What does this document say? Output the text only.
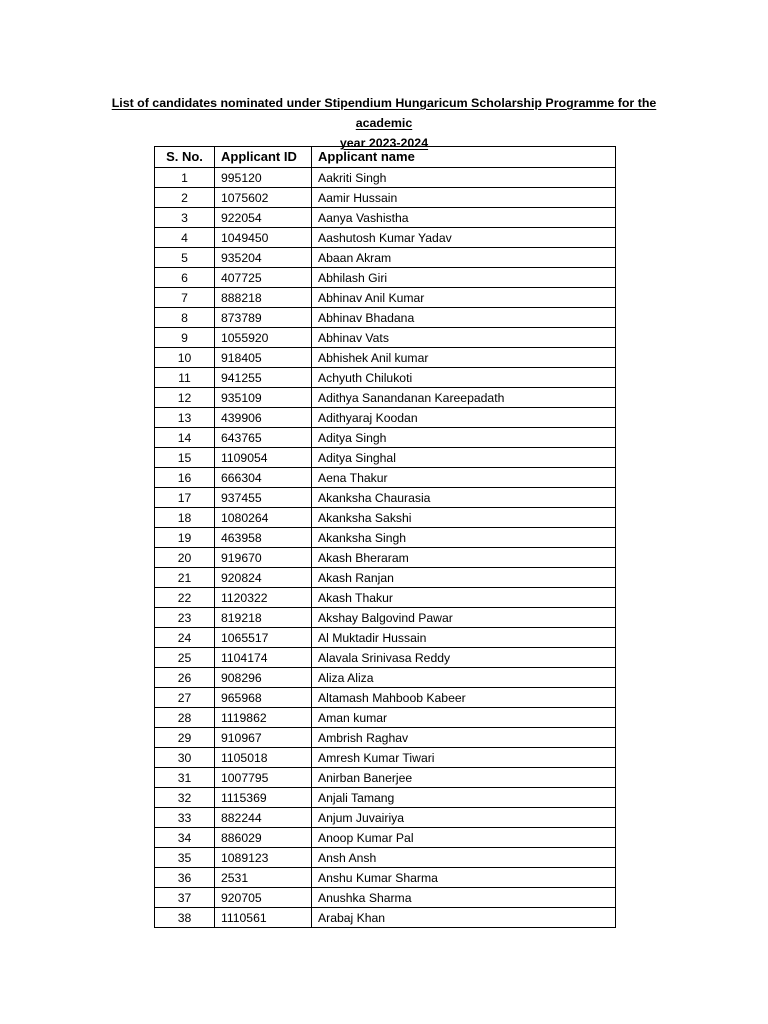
List of candidates nominated under Stipendium Hungaricum Scholarship Programme for the academic
year 2023-2024
S. No.	Applicant ID	Applicant name
1	995120	Aakriti Singh
2	1075602	Aamir Hussain
3	922054	Aanya Vashistha
4	1049450	Aashutosh Kumar Yadav
5	935204	Abaan Akram
6	407725	Abhilash Giri
7	888218	Abhinav Anil Kumar
8	873789	Abhinav Bhadana
9	1055920	Abhinav Vats
10	918405	Abhishek Anil kumar
11	941255	Achyuth Chilukoti
12	935109	Adithya Sanandanan Kareepadath
13	439906	Adithyaraj Koodan
14	643765	Aditya Singh
15	1109054	Aditya Singhal
16	666304	Aena Thakur
17	937455	Akanksha Chaurasia
18	1080264	Akanksha Sakshi
19	463958	Akanksha Singh
20	919670	Akash Bheraram
21	920824	Akash Ranjan
22	1120322	Akash Thakur
23	819218	Akshay Balgovind Pawar
24	1065517	Al Muktadir Hussain
25	1104174	Alavala Srinivasa Reddy
26	908296	Aliza Aliza
27	965968	Altamash Mahboob Kabeer
28	1119862	Aman kumar
29	910967	Ambrish Raghav
30	1105018	Amresh Kumar Tiwari
31	1007795	Anirban Banerjee
32	1115369	Anjali Tamang
33	882244	Anjum Juvairiya
34	886029	Anoop Kumar Pal
35	1089123	Ansh Ansh
36	2531	Anshu Kumar Sharma
37	920705	Anushka Sharma
38	1110561	Arabaj Khan
